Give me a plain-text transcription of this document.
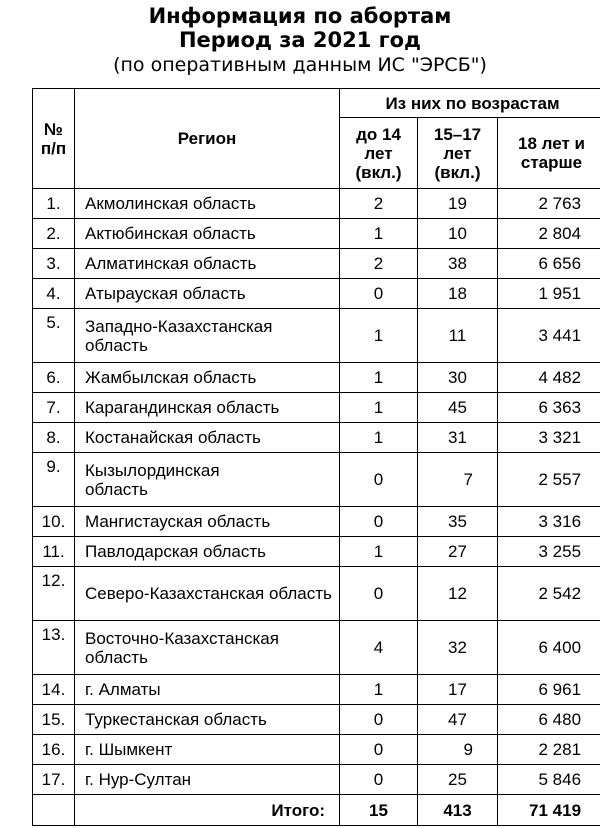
Информация по абортам
Период за 2021 год
(по оперативным данным ИС "ЭРСБ")
№ п/п	Регион	Из них по возрастам		

		до 14 лет (вкл.)	15–17 лет (вкл.)	18 лет и старше

1.	Акмолинская область	2	19	2 763
2.	Актюбинская область	1	10	2 804
3.	Алматинская область	2	38	6 656
4.	Атырауская область	0	18	1 951
5.	Западно-Казахстанская область	1	11	3 441
6.	Жамбылская область	1	30	4 482
7.	Карагандинская область	1	45	6 363
8.	Костанайская область	1	31	3 321
9.	Кызылординская область	0	7	2 557
10.	Мангистауская область	0	35	3 316
11.	Павлодарская область	1	27	3 255
12.	Северо-Казахстанская область	0	12	2 542
13.	Восточно-Казахстанская область	4	32	6 400
14.	г. Алматы	1	17	6 961
15.	Туркестанская область	0	47	6 480
16.	г. Шымкент	0	9	2 281
17.	г. Нур-Султан	0	25	5 846
	Итого:	15	413	71 419
